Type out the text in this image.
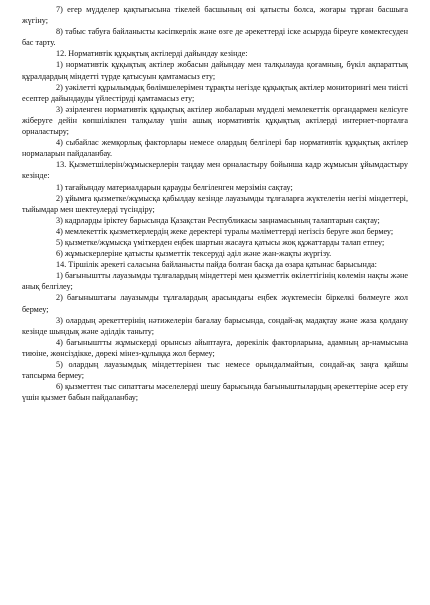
7) егер мүдделер қақтығысына тікелей басшының өзі қатысты болса, жоғары тұрған басшыға жүгіну;

8) табыс табуға байланысты кәсіпкерлік және өзге де әрекеттерді іске асыруда біреуге көмектесуден бас тарту.

12. Нормативтік құқықтық актілерді дайындау кезінде:

1) нормативтік құқықтық актілер жобасын дайындау мен талқылауда қоғамның, бүкіл ақпараттық құралдардың міндетті түрде қатысуын қамтамасыз ету;

2) уәкілетті құрылымдық бөлімшелерімен тұрақты негізде құқықтық актілер мониторингі мен тиісті есептер дайындауды үйлестіруді қамтамасыз ету;

3) әзірленген нормативтік құқықтық актілер жобаларын мүдделі мемлекеттік органдармен келісуге жіберуге дейін көпшілікпен талқылау үшін ашық нормативтік құқықтық актілерді интернет-порталға орналастыру;

4) сыбайлас жемқорлық факторлары немесе олардың белгілері бар нормативтік құқықтық актілер нормаларын пайдаланбау.

13. Қызметшілерін/жұмыскерлерін таңдау мен орналастыру бойынша кадр жұмысын ұйымдастыру кезінде:

1) тағайындау материалдарын қарауды белгіленген мерзімін сақтау;

2) ұйымға қызметке/жұмысқа қабылдау кезінде лауазымды тұлғаларға жүктелетін негізі міндеттері, тыйымдар мен шектеулерді түсіндіру;

3) кадрларды іріктеу барысында Қазақстан Республикасы заңнамасының талаптарын сақтау;

4) мемлекеттік қызметкерлердің жеке деректері туралы мәліметтерді негізсіз беруге жол бермеу;

5) қызметке/жұмысқа үміткерден еңбек шартын жасауға қатысы жоқ құжаттарды талап етпеу;

6) жұмыскерлеріне қатысты қызметтік тексеруді әділ және жан-жақты жүргізу.

14. Тіршілік әрекеті саласына байланысты пайда болған басқа да өзара қатынас барысында:

1) бағыныштты лауазымды тұлғалардың міндеттері мен қызметтік өкілеттігінің көлемін нақты және анық белгілеу;

2) бағыныштағы лауазымды тұлғалардың арасындағы еңбек жүктемесін біркелкі бөлмеуге жол бермеу;

3) олардың әрекеттерінің нәтижелерін бағалау барысында, сондай-ақ мадақтау және жаза қолдану кезінде шындық және әділдік таныту;

4) бағыныштты жұмыскерді орынсыз айыптауға, дөрекілік факторларына, адамның ар-намысына тиюіне, жөнсіздікке, дөрекі мінез-құлыққа жол бермеу;

5) олардың лауазымдық міндеттерінен тыс немесе орындалмайтын, сондай-ақ заңға қайшы тапсырма бермеу;

6) қызметтен тыс сипаттағы мәселелерді шешу барысында бағыныштылардың әрекеттеріне әсер ету үшін қызмет бабын пайдаланбау;
